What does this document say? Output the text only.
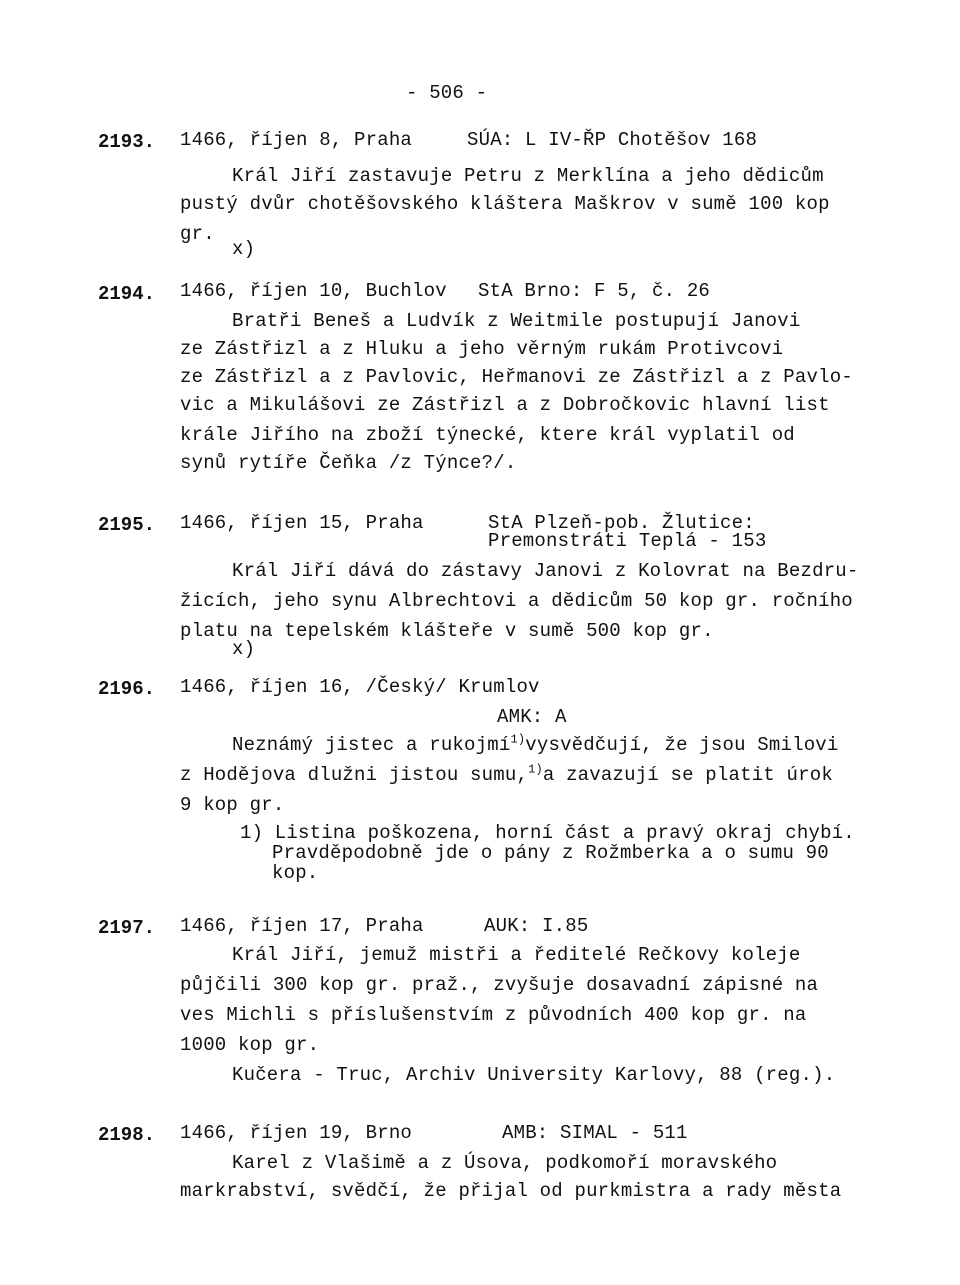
- 506 -
2193. 1466, říjen 8, Praha	SÚA: L IV-ŘP Chotěšov 168
Král Jiří zastavuje Petru z Merklína a jeho dědicům
pustý dvůr chotěšovského kláštera Maškrov v sumě 100 kop
gr.
x)
2194. 1466, říjen 10, Buchlov StA Brno: F 5, č. 26
Bratři Beneš a Ludvík z Weitmile postupují Janovi
ze Zástřizl a z Hluku a jeho věrným rukám Protivcovi
ze Zástřizl a z Pavlovic, Heřmanovi ze Zástřizl a z Pavlo-
vic a Mikulášovi ze Zástřizl a z Dobročkovic hlavní list
krále Jiřího na zboží týnecké, ktere král vyplatil od
synů rytíře Čeňka /z Týnce?/.
2195. 1466, říjen 15, Praha	StA Plzeň-pob. Žlutice:
Premonstráti Teplá - 153
Král Jiří dává do zástavy Janovi z Kolovrat na Bezdru-
žicích, jeho synu Albrechtovi a dědicům 50 kop gr. ročního
platu na tepelském klášteře v sumě 500 kop gr.
x)
2196. 1466, říjen 16, /Český/ Krumlov
AMK: A
Neznámý jistec a rukojmí$^{1)}$vysvědčují, že jsou Smilovi
z Hodějova dlužni jistou sumu,$^{1)}$a zavazují se platit úrok
9 kop gr.
1) Listina poškozena, horní část a pravý okraj chybí.
Pravděpodobně jde o pány z Rožmberka a o sumu 90
kop.
2197. 1466, říjen 17, Praha	AUK: I.85
Král Jiří, jemuž mistři a ředitelé Rečkovy koleje
půjčili 300 kop gr. praž., zvyšuje dosavadní zápisné na
ves Michli s příslušenstvím z původních 400 kop gr. na
1000 kop gr.
Kučera - Truc, Archiv University Karlovy, 88 (reg.).
2198. 1466, říjen 19, Brno	AMB: SIMAL - 511
Karel z Vlašimě a z Úsova, podkomoří moravského
markrabství, svědčí, že přijal od purkmistra a rady města
